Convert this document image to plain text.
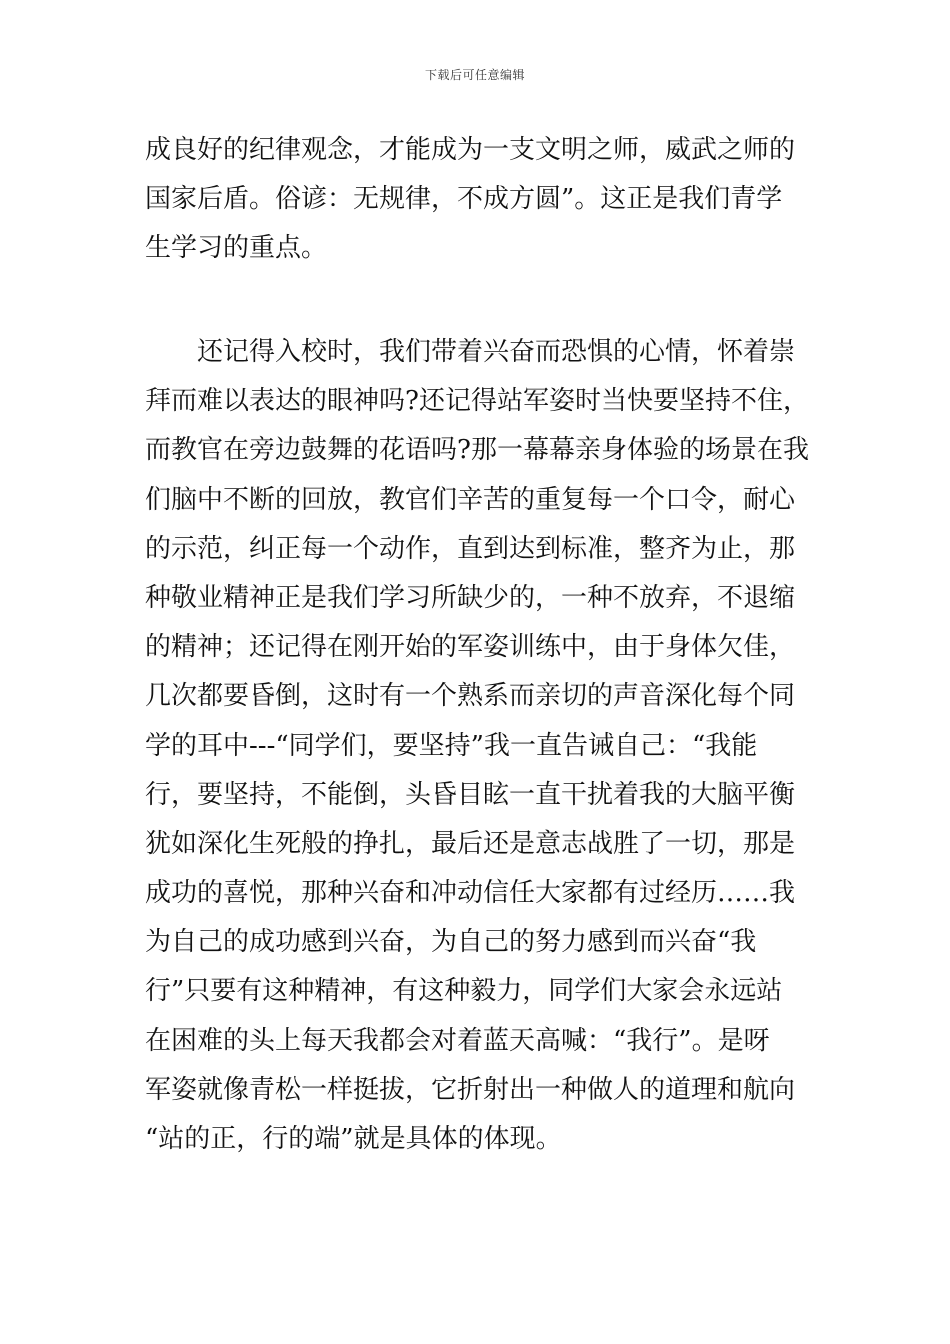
下载后可任意编辑
成良好的纪律观念，才能成为一支文明之师，威武之师的
国家后盾。俗谚：无规律，不成方圆”。这正是我们青学
生学习的重点。
还记得入校时，我们带着兴奋而恐惧的心情，怀着崇
拜而难以表达的眼神吗?还记得站军姿时当快要坚持不住，
而教官在旁边鼓舞的花语吗?那一幕幕亲身体验的场景在我
们脑中不断的回放，教官们辛苦的重复每一个口令，耐心
的示范，纠正每一个动作，直到达到标准，整齐为止，那
种敬业精神正是我们学习所缺少的，一种不放弃，不退缩
的精神；还记得在刚开始的军姿训练中，由于身体欠佳，
几次都要昏倒，这时有一个熟系而亲切的声音深化每个同
学的耳中---“同学们，要坚持”我一直告诫自己：“我能
行，要坚持，不能倒，头昏目眩一直干扰着我的大脑平衡
犹如深化生死般的挣扎，最后还是意志战胜了一切，那是
成功的喜悦，那种兴奋和冲动信任大家都有过经历……我
为自己的成功感到兴奋，为自己的努力感到而兴奋“我
行”只要有这种精神，有这种毅力，同学们大家会永远站
在困难的头上每天我都会对着蓝天高喊：“我行”。是呀
军姿就像青松一样挺拔，它折射出一种做人的道理和航向
“站的正，行的端”就是具体的体现。
